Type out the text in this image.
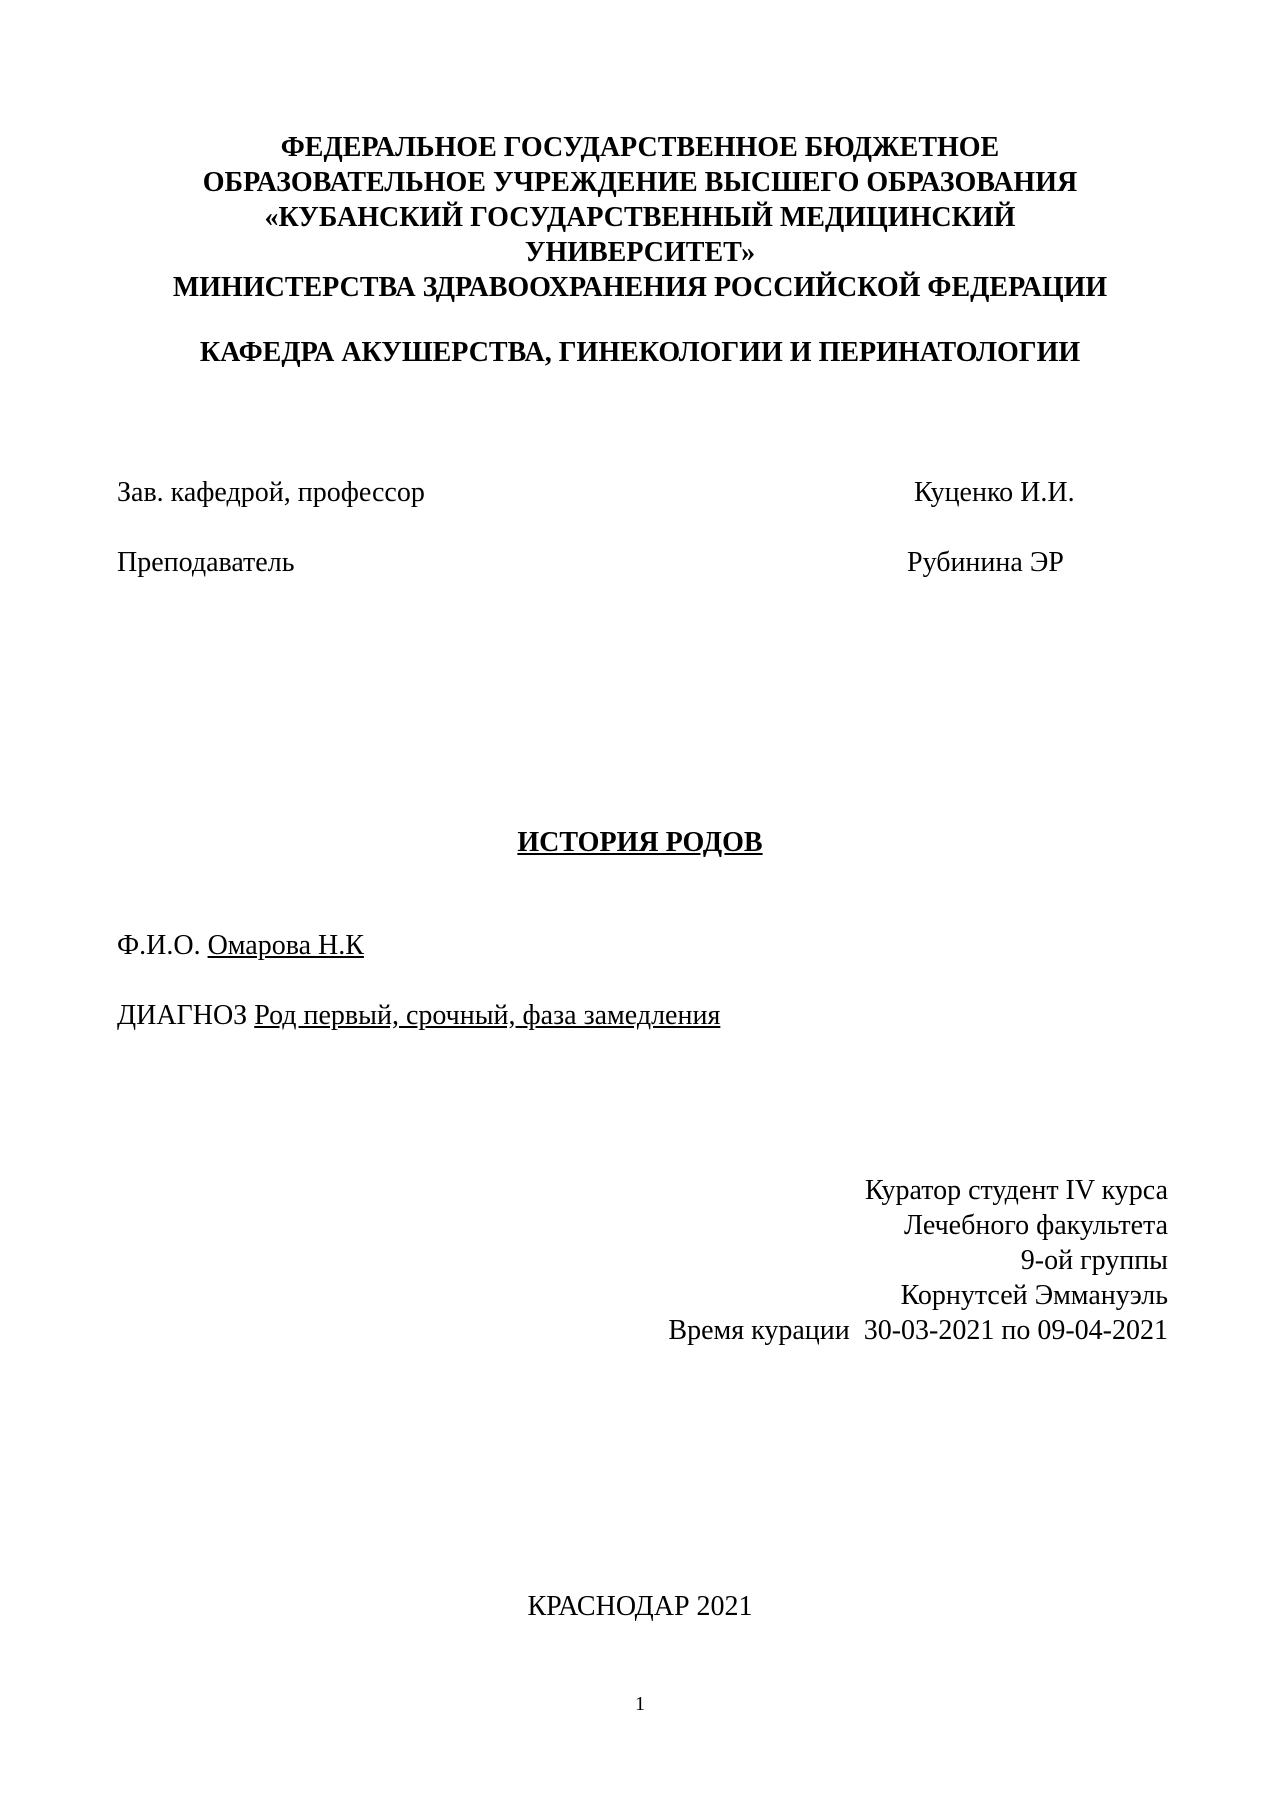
ФЕДЕРАЛЬНОЕ ГОСУДАРСТВЕННОЕ БЮДЖЕТНОЕ
ОБРАЗОВАТЕЛЬНОЕ УЧРЕЖДЕНИЕ ВЫСШЕГО ОБРАЗОВАНИЯ
«КУБАНСКИЙ ГОСУДАРСТВЕННЫЙ МЕДИЦИНСКИЙ
УНИВЕРСИТЕТ»
МИНИСТЕРСТВА ЗДРАВООХРАНЕНИЯ РОССИЙСКОЙ ФЕДЕРАЦИИ
КАФЕДРА АКУШЕРСТВА, ГИНЕКОЛОГИИ И ПЕРИНАТОЛОГИИ
Зав. кафедрой, профессор	Куценко И.И.
Преподаватель	Рубинина ЭР
ИСТОРИЯ РОДОВ
Ф.И.О. Омарова Н.К
ДИАГНОЗ Род первый, срочный, фаза замедления
Куратор студент IV курса
Лечебного факультета
9-ой группы
Корнутсей Эммануэль
Время курации  30-03-2021 по 09-04-2021
КРАСНОДАР 2021
1
